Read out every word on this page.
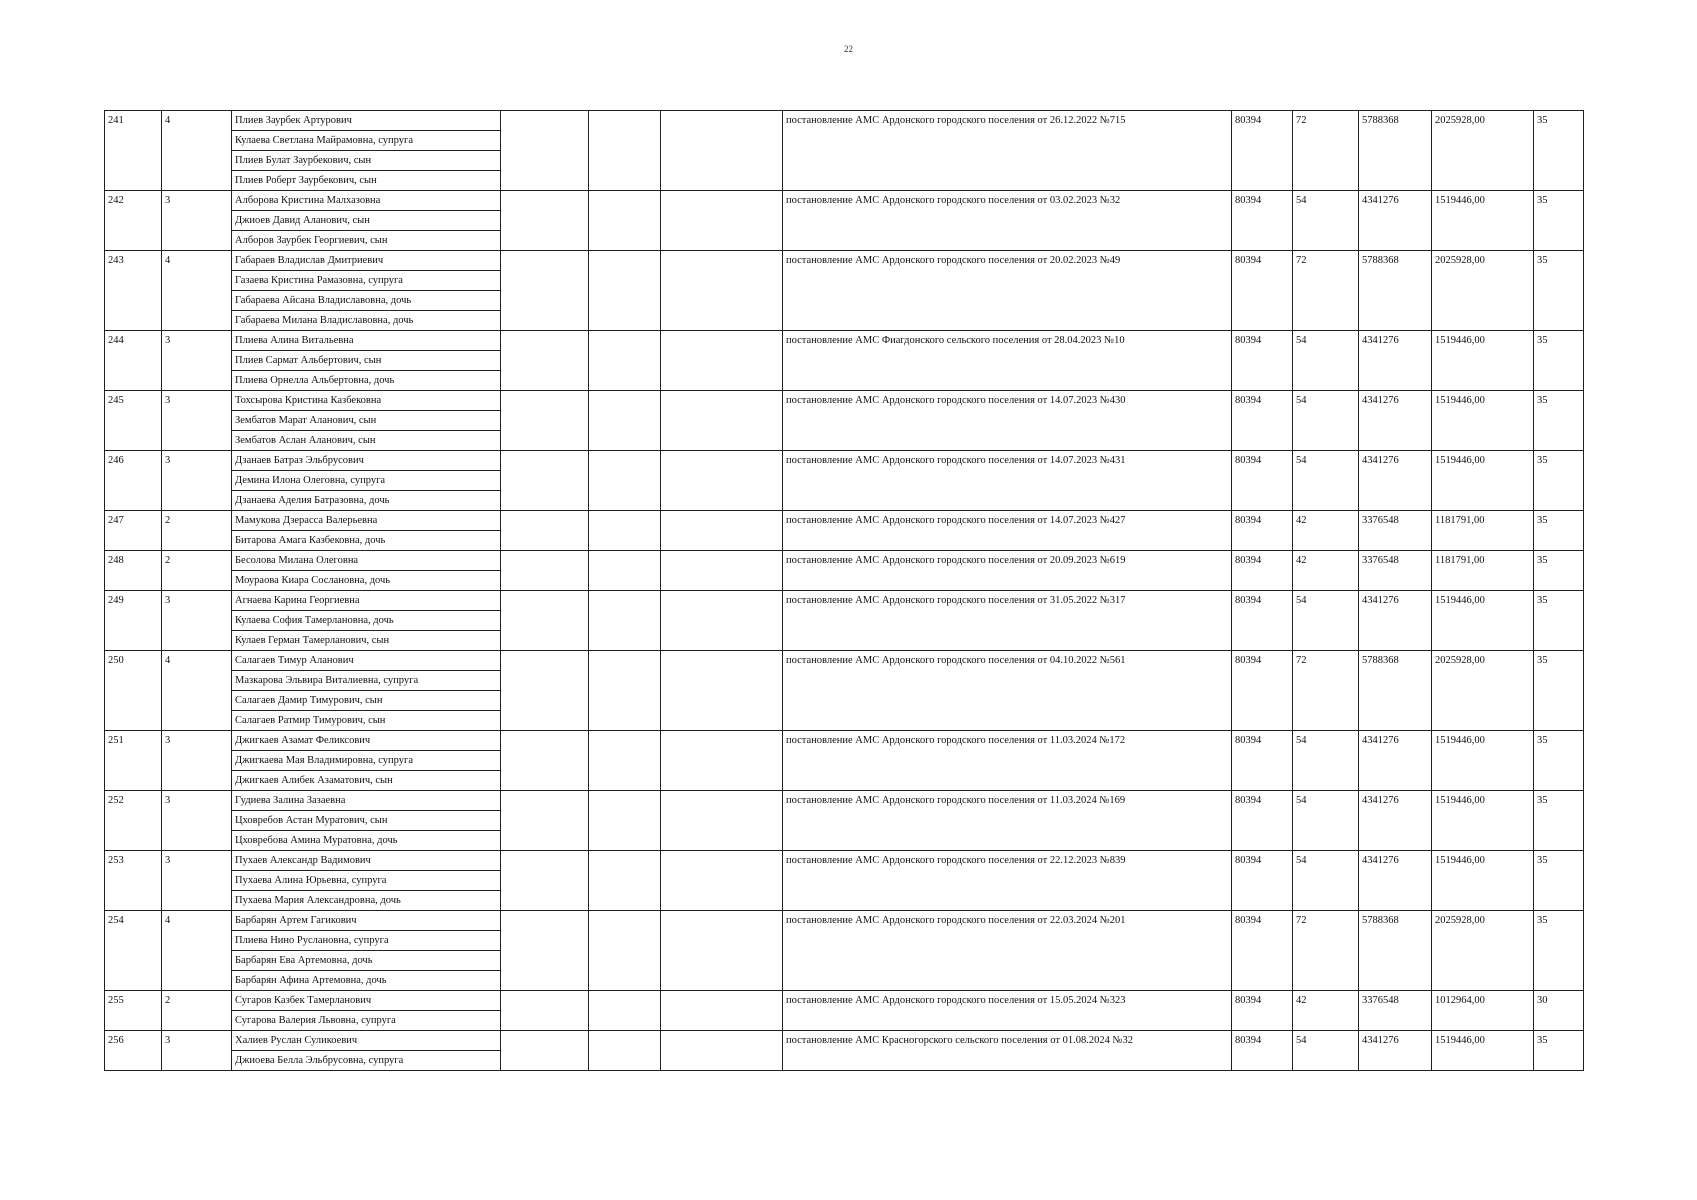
22
241	4	Плиев Заурбек Артурович				постановление АМС Ардонского городского поселения от 26.12.2022 №715	80394	72	5788368	2025928,00	35
		Кулаева Светлана Майрамовна, супруга									
		Плиев Булат Заурбекович, сын									
		Плиев Роберт Заурбекович, сын									
242	3	Алборова Кристина Малхазовна				постановление АМС Ардонского городского поселения от 03.02.2023 №32	80394	54	4341276	1519446,00	35
		Джиоев Давид Аланович, сын									
		Алборов Заурбек Георгиевич, сын									
243	4	Габараев Владислав Дмитриевич				постановление АМС Ардонского городского поселения от 20.02.2023 №49	80394	72	5788368	2025928,00	35
		Газаева Кристина Рамазовна, супруга									
		Габараева Айсана Владиславовна, дочь									
		Габараева Милана Владиславовна, дочь									
244	3	Плиева Алина Витальевна				постановление АМС Фиагдонского сельского поселения от 28.04.2023 №10	80394	54	4341276	1519446,00	35
		Плиев Сармат Альбертович, сын									
		Плиева Орнелла Альбертовна, дочь									
245	3	Тохсырова Кристина Казбековна				постановление АМС Ардонского городского поселения от 14.07.2023 №430	80394	54	4341276	1519446,00	35
		Зембатов Марат Аланович, сын									
		Зембатов Аслан Аланович, сын									
246	3	Дзанаев Батраз Эльбрусович				постановление АМС Ардонского городского поселения от 14.07.2023 №431	80394	54	4341276	1519446,00	35
		Демина Илона Олеговна, супруга									
		Дзанаева Аделия Батразовна, дочь									
247	2	Мамукова Дзерасса Валерьевна				постановление АМС Ардонского городского поселения от 14.07.2023 №427	80394	42	3376548	1181791,00	35
		Битарова Амага Казбековна, дочь									
248	2	Бесолова Милана Олеговна				постановление АМС Ардонского городского поселения от 20.09.2023 №619	80394	42	3376548	1181791,00	35
		Моураова Киара Сослановна, дочь									
249	3	Агнаева Карина Георгиевна				постановление АМС Ардонского городского поселения от 31.05.2022 №317	80394	54	4341276	1519446,00	35
		Кулаева София Тамерлановна, дочь									
		Кулаев Герман Тамерланович, сын									
250	4	Салагаев Тимур Аланович				постановление АМС Ардонского городского поселения от 04.10.2022 №561	80394	72	5788368	2025928,00	35
		Мазкарова Эльвира Виталиевна, супруга									
		Салагаев Дамир Тимурович, сын									
		Салагаев Ратмир Тимурович, сын									
251	3	Джигкаев Азамат Феликсович				постановление АМС Ардонского городского поселения от 11.03.2024 №172	80394	54	4341276	1519446,00	35
		Джигкаева Мая Владимировна, супруга									
		Джигкаев Алибек Азаматович, сын									
252	3	Гудиева Залина Зазаевна				постановление АМС Ардонского городского поселения от 11.03.2024 №169	80394	54	4341276	1519446,00	35
		Цховребов Астан Муратович, сын									
		Цховребова Амина Муратовна, дочь									
253	3	Пухаев Александр Вадимович				постановление АМС Ардонского городского поселения от 22.12.2023 №839	80394	54	4341276	1519446,00	35
		Пухаева Алина Юрьевна, супруга									
		Пухаева Мария Александровна, дочь									
254	4	Барбарян Артем Гагикович				постановление АМС Ардонского городского поселения от 22.03.2024 №201	80394	72	5788368	2025928,00	35
		Плиева Нино Руслановна, супруга									
		Барбарян Ева Артемовна, дочь									
		Барбарян Афина Артемовна, дочь									
255	2	Сугаров Казбек Тамерланович				постановление АМС Ардонского городского поселения от 15.05.2024 №323	80394	42	3376548	1012964,00	30
		Сугарова Валерия Львовна, супруга									
256	3	Халиев Руслан Суликоевич				постановление АМС Красногорского сельского поселения от 01.08.2024 №32	80394	54	4341276	1519446,00	35
		Джиоева Белла Эльбрусовна, супруга									
